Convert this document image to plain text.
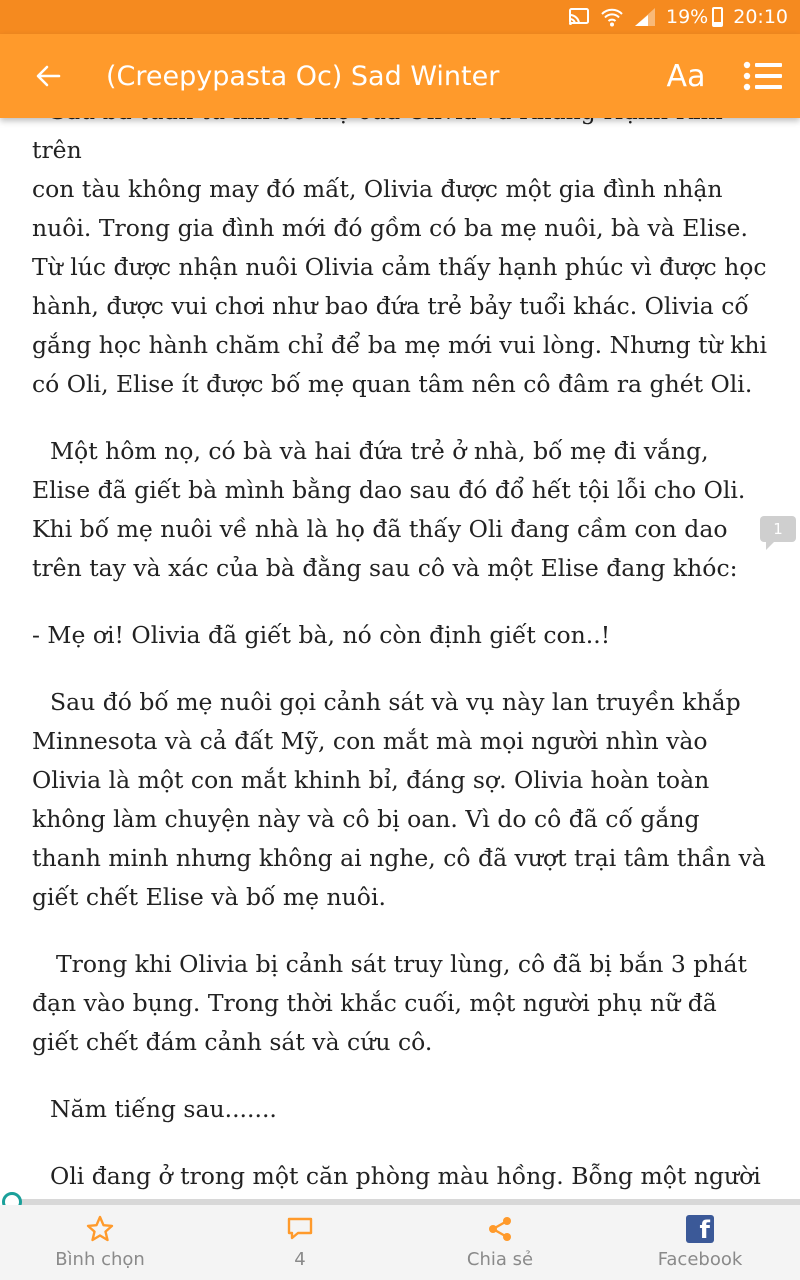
19% 20:10
(Creepypasta Oc) Sad Winter	Aa

trên

con tàu không may đó mất, Olivia được một gia đình nhận nuôi. Trong gia đình mới đó gồm có ba mẹ nuôi, bà và Elise. Từ lúc được nhận nuôi Olivia cảm thấy hạnh phúc vì được học hành, được vui chơi như bao đứa trẻ bảy tuổi khác. Olivia cố gắng học hành chăm chỉ để ba mẹ mới vui lòng. Nhưng từ khi có Oli, Elise ít được bố mẹ quan tâm nên cô đâm ra ghét Oli.

Một hôm nọ, có bà và hai đứa trẻ ở nhà, bố mẹ đi vắng, Elise đã giết bà mình bằng dao sau đó đổ hết tội lỗi cho Oli. Khi bố mẹ nuôi về nhà là họ đã thấy Oli đang cầm con dao trên tay và xác của bà đằng sau cô và một Elise đang khóc:

- Mẹ ơi! Olivia đã giết bà, nó còn định giết con..!

Sau đó bố mẹ nuôi gọi cảnh sát và vụ này lan truyền khắp Minnesota và cả đất Mỹ, con mắt mà mọi người nhìn vào Olivia là một con mắt khinh bỉ, đáng sợ. Olivia hoàn toàn không làm chuyện này và cô bị oan. Vì do cô đã cố gắng thanh minh nhưng không ai nghe, cô đã vượt trại tâm thần và giết chết Elise và bố mẹ nuôi.

Trong khi Olivia bị cảnh sát truy lùng, cô đã bị bắn 3 phát đạn vào bụng. Trong thời khắc cuối, một người phụ nữ đã giết chết đám cảnh sát và cứu cô.

Năm tiếng sau.......

Oli đang ở trong một căn phòng màu hồng. Bỗng một người

1
Bình chọn	4	Chia sẻ
f
Facebook
